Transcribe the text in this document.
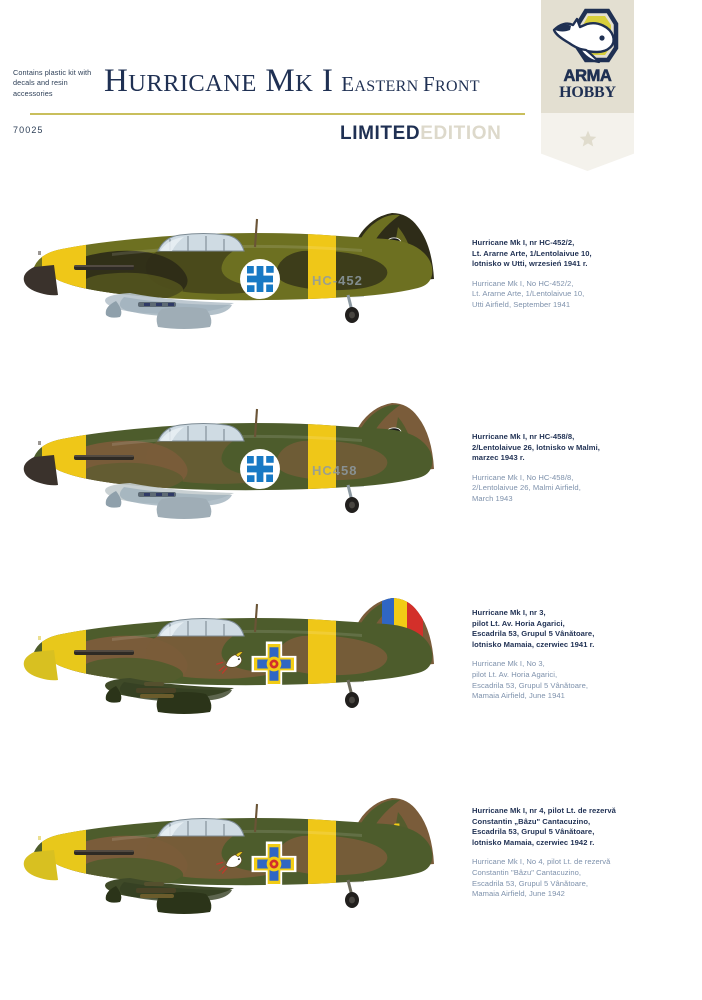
Contains plastic kit with decals and resin accessories
70025
HURRICANE MK I EASTERN FRONT
LIMITEDEDITION
ARMA
HOBBY
HC-452
Hurricane Mk I, nr HC-452/2,
Lt. Ararne Arte, 1/Lentolaivue 10,
lotnisko w Utti, wrzesień 1941 r.
Hurricane Mk I, No HC-452/2,
Lt. Ararne Arte, 1/Lentolaivue 10,
Utti Airfield, September 1941
HC458
Hurricane Mk I, nr HC-458/8,
2/Lentolaivue 26, lotnisko w Malmi,
marzec 1943 r.
Hurricane Mk I, No HC-458/8,
2/Lentolaivue 26, Malmi Airfield,
March 1943
Hurricane Mk I, nr 3,
pilot Lt. Av. Horia Agarici,
Escadrila 53, Grupul 5 Vânătoare,
lotnisko Mamaia, czerwiec 1941 r.
Hurricane Mk I, No 3,
pilot Lt. Av. Horia Agarici,
Escadrila 53, Grupul 5 Vânătoare,
Mamaia Airfield, June 1941
Hurricane Mk I, nr 4, pilot Lt. de rezervă
Constantin „Bâzu" Cantacuzino,
Escadrila 53, Grupul 5 Vânătoare,
lotnisko Mamaia, czerwiec 1942 r.
Hurricane Mk I, No 4, pilot Lt. de rezervă
Constantin "Bâzu" Cantacuzino,
Escadrila 53, Grupul 5 Vânătoare,
Mamaia Airfield, June 1942
